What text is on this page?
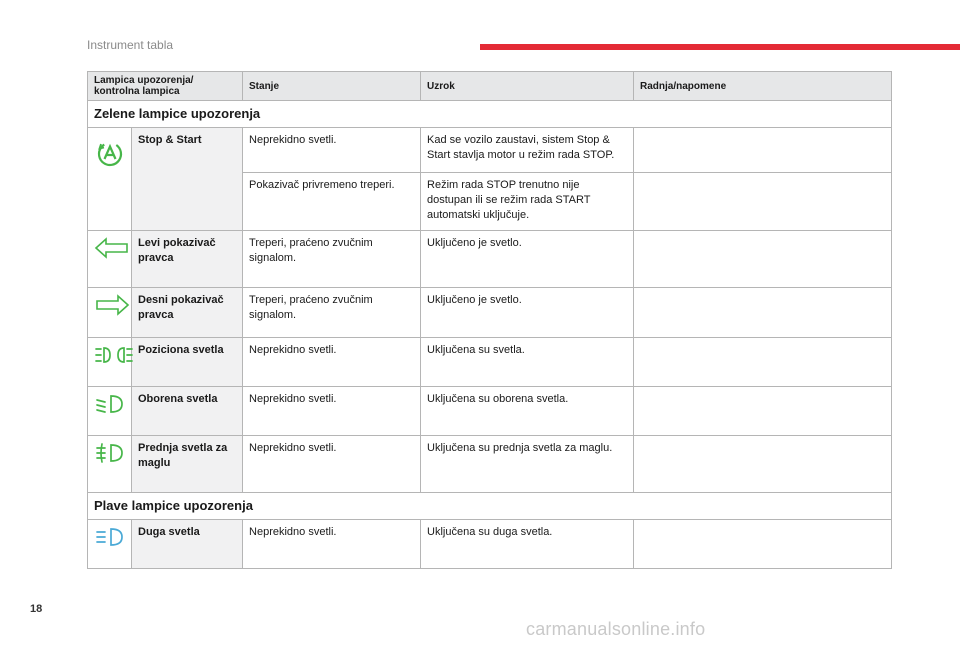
Instrument tabla
Lampica upozorenja/ kontrolna lampica		Stanje	Uzrok	Radnja/napomene
Zelene lampice upozorenja				
	Stop & Start	Neprekidno svetli.	Kad se vozilo zaustavi, sistem Stop & Start stavlja motor u režim rada STOP.	
		Pokazivač privremeno treperi.	Režim rada STOP trenutno nije dostupan ili se režim rada START automatski uključuje.	
	Levi pokazivač pravca	Treperi, praćeno zvučnim signalom.	Uključeno je svetlo.	
	Desni pokazivač pravca	Treperi, praćeno zvučnim signalom.	Uključeno je svetlo.	
	Poziciona svetla	Neprekidno svetli.	Uključena su svetla.	
	Oborena svetla	Neprekidno svetli.	Uključena su oborena svetla.	
	Prednja svetla za maglu	Neprekidno svetli.	Uključena su prednja svetla za maglu.	
Plave lampice upozorenja				
	Duga svetla	Neprekidno svetli.	Uključena su duga svetla.	
18
carmanualsonline.info
